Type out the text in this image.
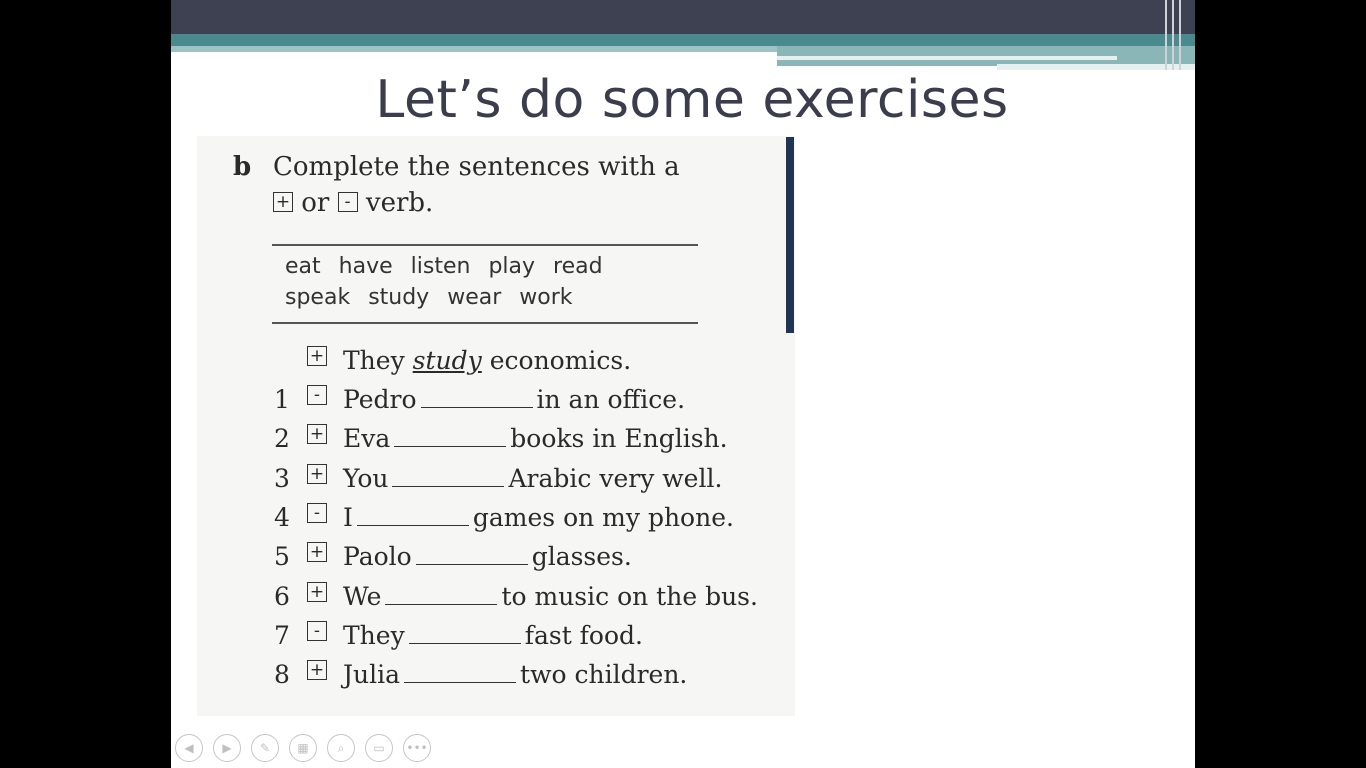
Let’s do some exercises
b Complete the sentences with a
+ or - verb.
eat have listen play read
speak study wear work
+ They study economics.
1	- Pedro	in an office.
2 + Eva	books in English.
3 + You	Arabic very well.
4	- I	games on my phone.
5 + Paolo	glasses.
6 + We	to music on the bus.
7	- They	fast food.
8 + Julia	two children.
◀	▶	✎	▦	⌕	▭	•••
